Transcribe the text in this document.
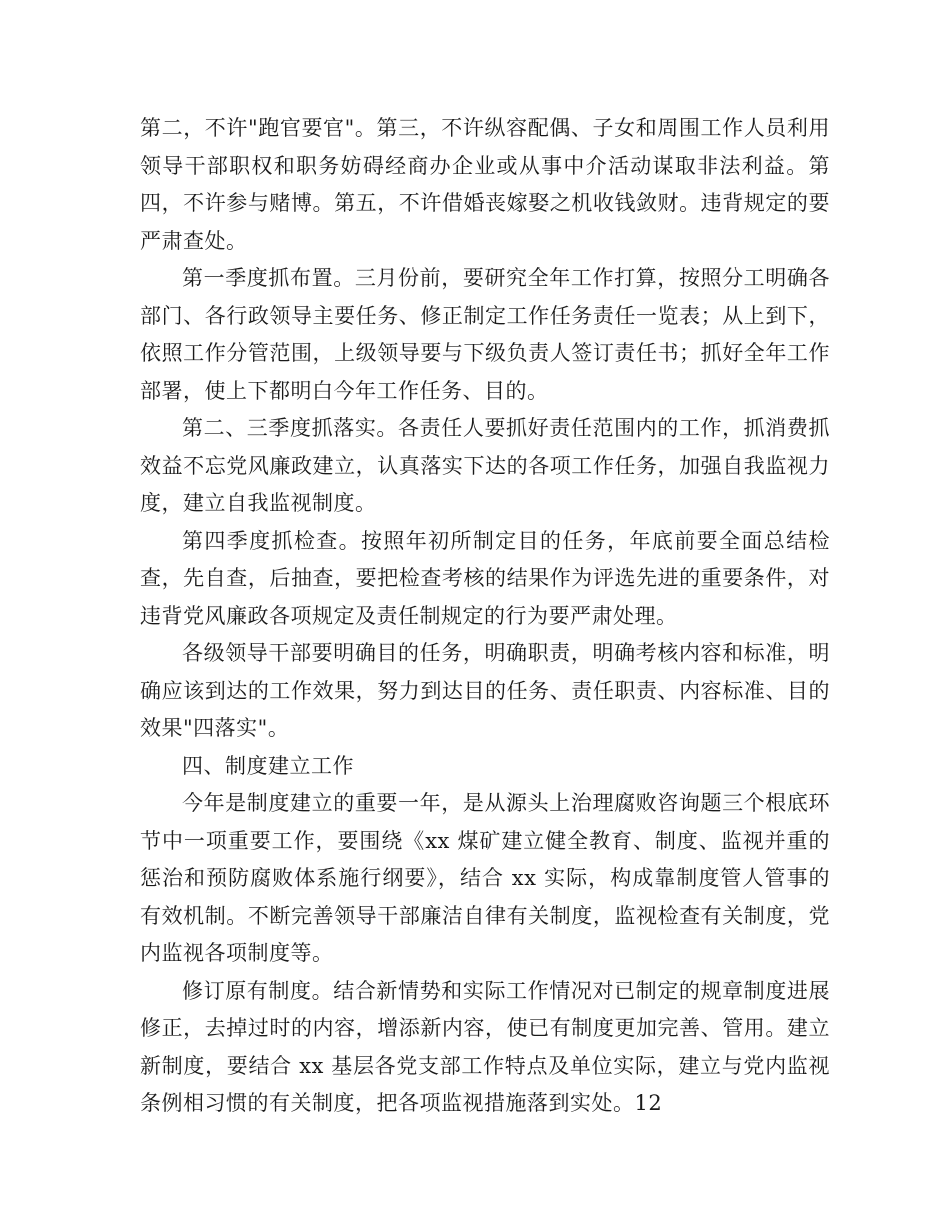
第二，不许"跑官要官"。第三，不许纵容配偶、子女和周围工作人员利用领导干部职权和职务妨碍经商办企业或从事中介活动谋取非法利益。第四，不许参与赌博。第五，不许借婚丧嫁娶之机收钱敛财。违背规定的要严肃查处。

第一季度抓布置。三月份前，要研究全年工作打算，按照分工明确各部门、各行政领导主要任务、修正制定工作任务责任一览表；从上到下，依照工作分管范围，上级领导要与下级负责人签订责任书；抓好全年工作部署，使上下都明白今年工作任务、目的。

第二、三季度抓落实。各责任人要抓好责任范围内的工作，抓消费抓效益不忘党风廉政建立，认真落实下达的各项工作任务，加强自我监视力度，建立自我监视制度。

第四季度抓检查。按照年初所制定目的任务，年底前要全面总结检查，先自查，后抽查，要把检查考核的结果作为评选先进的重要条件，对违背党风廉政各项规定及责任制规定的行为要严肃处理。

各级领导干部要明确目的任务，明确职责，明确考核内容和标准，明确应该到达的工作效果，努力到达目的任务、责任职责、内容标准、目的效果"四落实"。

四、制度建立工作

今年是制度建立的重要一年，是从源头上治理腐败咨询题三个根底环节中一项重要工作，要围绕《xx 煤矿建立健全教育、制度、监视并重的惩治和预防腐败体系施行纲要》，结合 xx 实际，构成靠制度管人管事的有效机制。不断完善领导干部廉洁自律有关制度，监视检查有关制度，党内监视各项制度等。

修订原有制度。结合新情势和实际工作情况对已制定的规章制度进展修正，去掉过时的内容，增添新内容，使已有制度更加完善、管用。建立新制度，要结合 xx 基层各党支部工作特点及单位实际，建立与党内监视条例相习惯的有关制度，把各项监视措施落到实处。12
